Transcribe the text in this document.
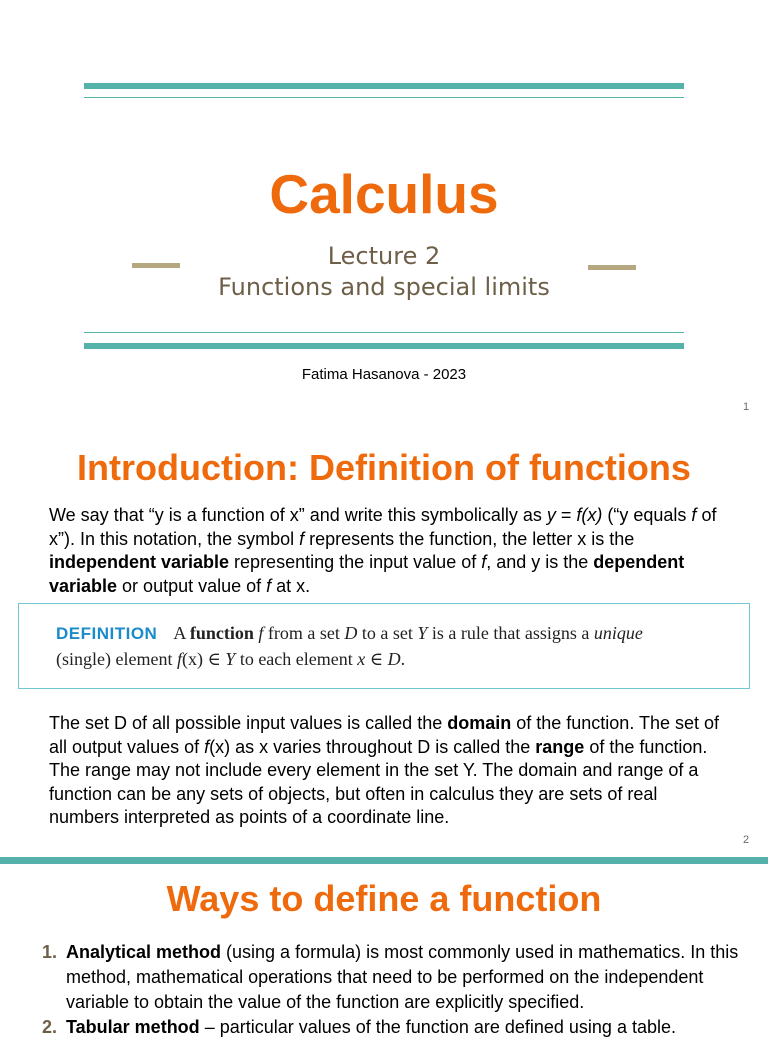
Calculus
Lecture 2
Functions and special limits
Fatima Hasanova - 2023
1
Introduction: Definition of functions
We say that “y is a function of x” and write this symbolically as y = f(x) (“y equals f of x”). In this notation, the symbol f represents the function, the letter x is the independent variable representing the input value of f, and y is the dependent variable or output value of f at x.
DEFINITION A function f from a set D to a set Y is a rule that assigns a unique
(single) element f(x) ∈ Y to each element x ∈ D.
The set D of all possible input values is called the domain of the function. The set of all output values of f(x) as x varies throughout D is called the range of the function. The range may not include every element in the set Y. The domain and range of a function can be any sets of objects, but often in calculus they are sets of real numbers interpreted as points of a coordinate line.
2
Ways to define a function
1. Analytical method (using a formula) is most commonly used in mathematics. In this method, mathematical operations that need to be performed on the independent variable to obtain the value of the function are explicitly specified.
2. Tabular method – particular values of the function are defined using a table.
